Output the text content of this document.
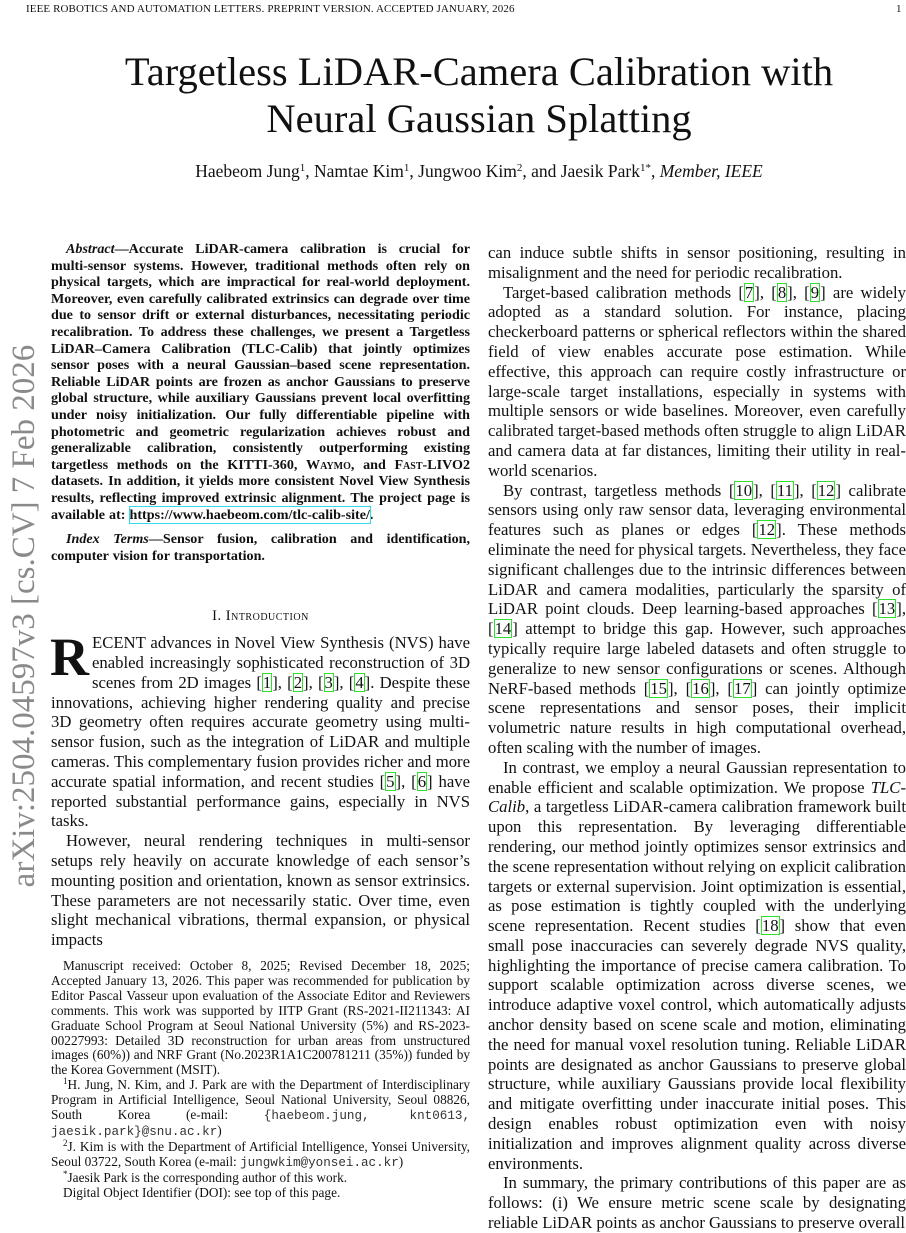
IEEE ROBOTICS AND AUTOMATION LETTERS. PREPRINT VERSION. ACCEPTED JANUARY, 2026	1
arXiv:2504.04597v3 [cs.CV] 7 Feb 2026
Targetless LiDAR-Camera Calibration with
Neural Gaussian Splatting
Haebeom Jung$^1$, Namtae Kim$^1$, Jungwoo Kim$^2$, and Jaesik Park$^{1*}$, Member, IEEE

Abstract—Accurate LiDAR-camera calibration is crucial for multi-sensor systems. However, traditional methods often rely on physical targets, which are impractical for real-world deployment. Moreover, even carefully calibrated extrinsics can degrade over time due to sensor drift or external disturbances, necessitating periodic recalibration. To address these challenges, we present a Targetless LiDAR–Camera Calibration (TLC-Calib) that jointly optimizes sensor poses with a neural Gaussian–based scene representation. Reliable LiDAR points are frozen as anchor Gaussians to preserve global structure, while auxiliary Gaussians prevent local overfitting under noisy initialization. Our fully differentiable pipeline with photometric and geometric regularization achieves robust and generalizable calibration, consistently outperforming existing targetless methods on the KITTI-360, Waymo, and Fast-LIVO2 datasets. In addition, it yields more consistent Novel View Synthesis results, reflecting improved extrinsic alignment. The project page is available at: https://www.haebeom.com/tlc-calib-site/.

Index Terms—Sensor fusion, calibration and identification, computer vision for transportation.

I. Introduction

RECENT advances in Novel View Synthesis (NVS) have enabled increasingly sophisticated reconstruction of 3D scenes from 2D images [1], [2], [3], [4]. Despite these innovations, achieving higher rendering quality and precise 3D geometry often requires accurate geometry using multi-sensor fusion, such as the integration of LiDAR and multiple cameras. This complementary fusion provides richer and more accurate spatial information, and recent studies [5], [6] have reported substantial performance gains, especially in NVS tasks.

However, neural rendering techniques in multi-sensor setups rely heavily on accurate knowledge of each sensor’s mounting position and orientation, known as sensor extrinsics. These parameters are not necessarily static. Over time, even slight mechanical vibrations, thermal expansion, or physical impacts

Manuscript received: October 8, 2025; Revised December 18, 2025; Accepted January 13, 2026. This paper was recommended for publication by Editor Pascal Vasseur upon evaluation of the Associate Editor and Reviewers comments. This work was supported by IITP Grant (RS-2021-II211343: AI Graduate School Program at Seoul National University (5%) and RS-2023-00227993: Detailed 3D reconstruction for urban areas from unstructured images (60%)) and NRF Grant (No.2023R1A1C200781211 (35%)) funded by the Korea Government (MSIT).

$^1$H. Jung, N. Kim, and J. Park are with the Department of Interdisciplinary Program in Artificial Intelligence, Seoul National University, Seoul 08826, South Korea (e-mail: {haebeom.jung, knt0613, jaesik.park}@snu.ac.kr)

$^2$J. Kim is with the Department of Artificial Intelligence, Yonsei University, Seoul 03722, South Korea (e-mail: jungwkim@yonsei.ac.kr)

*Jaesik Park is the corresponding author of this work.

Digital Object Identifier (DOI): see top of this page.

can induce subtle shifts in sensor positioning, resulting in misalignment and the need for periodic recalibration.

Target-based calibration methods [7], [8], [9] are widely adopted as a standard solution. For instance, placing checkerboard patterns or spherical reflectors within the shared field of view enables accurate pose estimation. While effective, this approach can require costly infrastructure or large-scale target installations, especially in systems with multiple sensors or wide baselines. Moreover, even carefully calibrated target-based methods often struggle to align LiDAR and camera data at far distances, limiting their utility in real-world scenarios.

By contrast, targetless methods [10], [11], [12] calibrate sensors using only raw sensor data, leveraging environmental features such as planes or edges [12]. These methods eliminate the need for physical targets. Nevertheless, they face significant challenges due to the intrinsic differences between LiDAR and camera modalities, particularly the sparsity of LiDAR point clouds. Deep learning-based approaches [13], [14] attempt to bridge this gap. However, such approaches typically require large labeled datasets and often struggle to generalize to new sensor configurations or scenes. Although NeRF-based methods [15], [16], [17] can jointly optimize scene representations and sensor poses, their implicit volumetric nature results in high computational overhead, often scaling with the number of images.

In contrast, we employ a neural Gaussian representation to enable efficient and scalable optimization. We propose TLC-Calib, a targetless LiDAR-camera calibration framework built upon this representation. By leveraging differentiable rendering, our method jointly optimizes sensor extrinsics and the scene representation without relying on explicit calibration targets or external supervision. Joint optimization is essential, as pose estimation is tightly coupled with the underlying scene representation. Recent studies [18] show that even small pose inaccuracies can severely degrade NVS quality, highlighting the importance of precise camera calibration. To support scalable optimization across diverse scenes, we introduce adaptive voxel control, which automatically adjusts anchor density based on scene scale and motion, eliminating the need for manual voxel resolution tuning. Reliable LiDAR points are designated as anchor Gaussians to preserve global structure, while auxiliary Gaussians provide local flexibility and mitigate overfitting under inaccurate initial poses. This design enables robust optimization even with noisy initialization and improves alignment quality across diverse environments.

In summary, the primary contributions of this paper are as follows: (i) We ensure metric scene scale by designating reliable LiDAR points as anchor Gaussians to preserve overall
